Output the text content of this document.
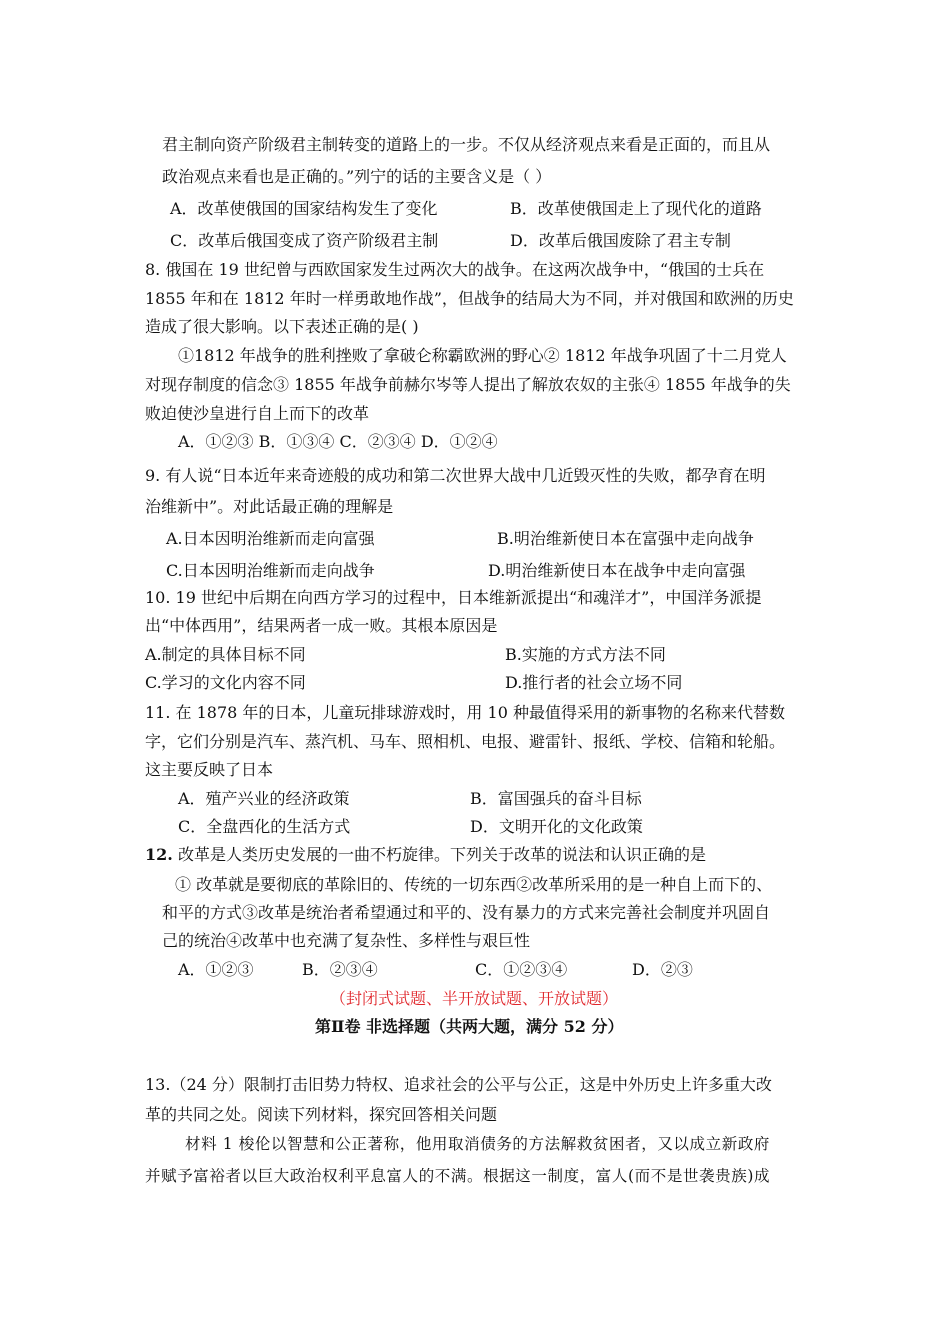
君主制向资产阶级君主制转变的道路上的一步。不仅从经济观点来看是正面的，而且从
政治观点来看也是正确的。”列宁的话的主要含义是（ ）
A．改革使俄国的国家结构发生了变化	B．改革使俄国走上了现代化的道路
C．改革后俄国变成了资产阶级君主制	D．改革后俄国废除了君主专制
8. 俄国在 19 世纪曾与西欧国家发生过两次大的战争。在这两次战争中，“俄国的士兵在
1855 年和在 1812 年时一样勇敢地作战”，但战争的结局大为不同，并对俄国和欧洲的历史
造成了很大影响。以下表述正确的是( )
①1812 年战争的胜利挫败了拿破仑称霸欧洲的野心② 1812 年战争巩固了十二月党人
对现存制度的信念③ 1855 年战争前赫尔岑等人提出了解放农奴的主张④ 1855 年战争的失
败迫使沙皇进行自上而下的改革
A．①②③ B．①③④ C．②③④ D．①②④
9. 有人说“日本近年来奇迹般的成功和第二次世界大战中几近毁灭性的失败，都孕育在明
治维新中”。对此话最正确的理解是
A.日本因明治维新而走向富强	B.明治维新使日本在富强中走向战争
C.日本因明治维新而走向战争	D.明治维新使日本在战争中走向富强
10. 19 世纪中后期在向西方学习的过程中，日本维新派提出“和魂洋才”，中国洋务派提
出“中体西用”，结果两者一成一败。其根本原因是
A.制定的具体目标不同	B.实施的方式方法不同
C.学习的文化内容不同	D.推行者的社会立场不同
11. 在 1878 年的日本，儿童玩排球游戏时，用 10 种最值得采用的新事物的名称来代替数
字，它们分别是汽车、蒸汽机、马车、照相机、电报、避雷针、报纸、学校、信箱和轮船。
这主要反映了日本
A．殖产兴业的经济政策	B．富国强兵的奋斗目标
C．全盘西化的生活方式	D．文明开化的文化政策
12. 改革是人类历史发展的一曲不朽旋律。下列关于改革的说法和认识正确的是
① 改革就是要彻底的革除旧的、传统的一切东西②改革所采用的是一种自上而下的、
和平的方式③改革是统治者希望通过和平的、没有暴力的方式来完善社会制度并巩固自
己的统治④改革中也充满了复杂性、多样性与艰巨性
A．①②③	B．②③④	C．①②③④	D．②③
（封闭式试题、半开放试题、开放试题）
第Ⅱ卷 非选择题（共两大题，满分 52 分）
13.（24 分）限制打击旧势力特权、追求社会的公平与公正，这是中外历史上许多重大改
革的共同之处。阅读下列材料，探究回答相关问题
材料 1 梭伦以智慧和公正著称，他用取消债务的方法解救贫困者，又以成立新政府
并赋予富裕者以巨大政治权利平息富人的不满。根据这一制度，富人(而不是世袭贵族)成
